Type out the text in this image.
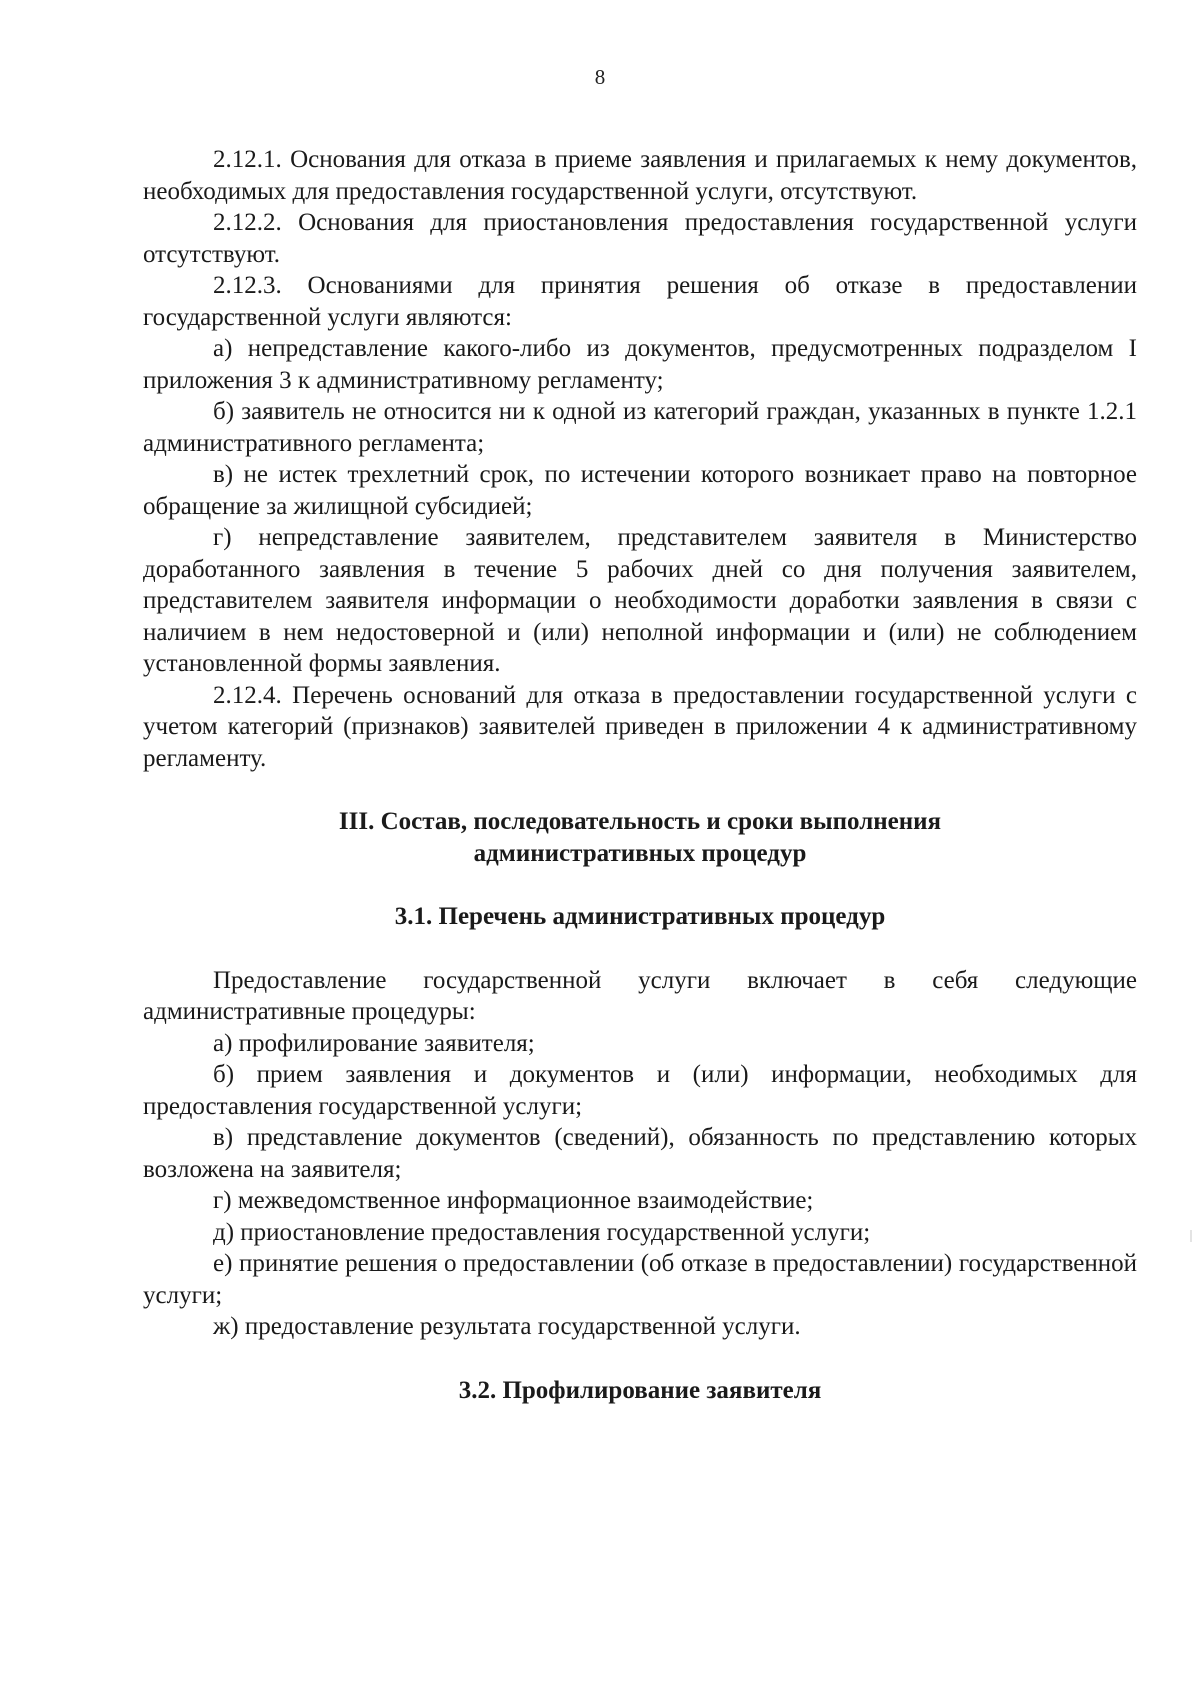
8

2.12.1. Основания для отказа в приеме заявления и прилагаемых к нему документов, необходимых для предоставления государственной услуги, отсутствуют.

2.12.2. Основания для приостановления предоставления государственной услуги отсутствуют.

2.12.3. Основаниями для принятия решения об отказе в предоставлении государственной услуги являются:

а) непредставление какого-либо из документов, предусмотренных подразделом I приложения 3 к административному регламенту;

б) заявитель не относится ни к одной из категорий граждан, указанных в пункте 1.2.1 административного регламента;

в) не истек трехлетний срок, по истечении которого возникает право на повторное обращение за жилищной субсидией;

г) непредставление заявителем, представителем заявителя в Министерство доработанного заявления в течение 5 рабочих дней со дня получения заявителем, представителем заявителя информации о необходимости доработки заявления в связи с наличием в нем недостоверной и (или) неполной информации и (или) не соблюдением установленной формы заявления.

2.12.4. Перечень оснований для отказа в предоставлении государственной услуги с учетом категорий (признаков) заявителей приведен в приложении 4 к административному регламенту.

III. Состав, последовательность и сроки выполнения
административных процедур
3.1. Перечень административных процедур

Предоставление государственной услуги включает в себя следующие административные процедуры:

а) профилирование заявителя;

б) прием заявления и документов и (или) информации, необходимых для предоставления государственной услуги;

в) представление документов (сведений), обязанность по представлению которых возложена на заявителя;

г) межведомственное информационное взаимодействие;

д) приостановление предоставления государственной услуги;

е) принятие решения о предоставлении (об отказе в предоставлении) государственной услуги;

ж) предоставление результата государственной услуги.

3.2. Профилирование заявителя
